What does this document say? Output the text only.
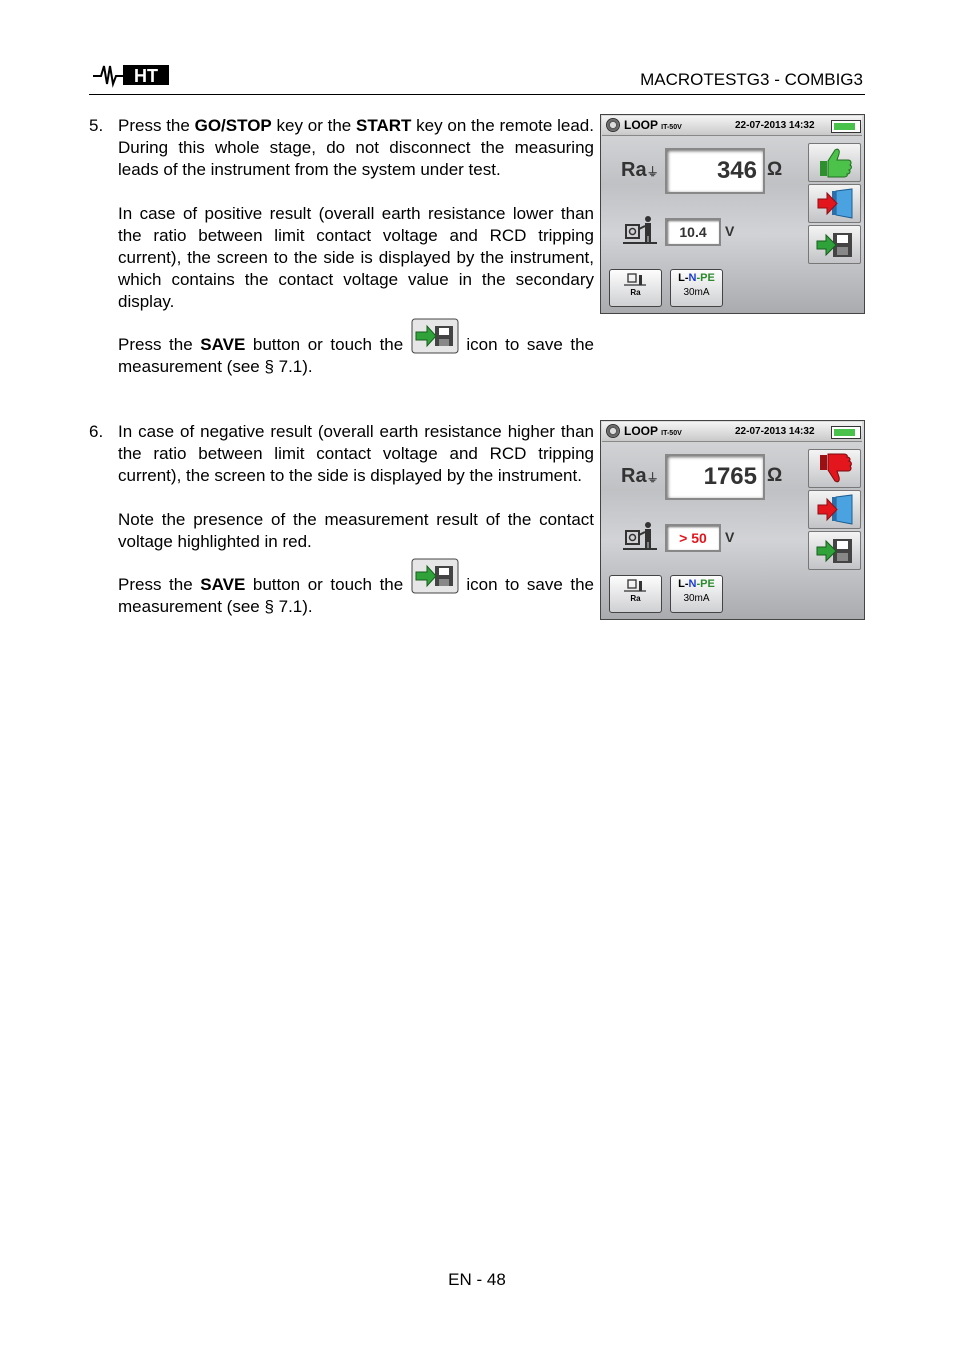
HT	MACROTESTG3 - COMBIG3
5. Press the GO/STOP key or the START key on the remote lead. During this whole stage, do not disconnect the measuring leads of the instrument from the system under test.
In case of positive result (overall earth resistance lower than the ratio between limit contact voltage and RCD tripping current), the screen to the side is displayed by the instrument, which contains the contact voltage value in the secondary display.
Press the SAVE button or touch the	icon to save the measurement (see § 7.1).
6. In case of negative result (overall earth resistance higher than the ratio between limit contact voltage and RCD tripping current), the screen to the side is displayed by the instrument.
Note the presence of the measurement result of the contact voltage highlighted in red.
Press the SAVE button or touch the	icon to save the measurement (see § 7.1).
LOOP IT-50V	22-07-2013 14:32
Ra⏚ 346 Ω
10.4	V
Ra
L-N-PE
30mA
LOOP IT-50V	22-07-2013 14:32
Ra⏚ 1765 Ω
> 50	V
Ra
L-N-PE
30mA
EN - 48
